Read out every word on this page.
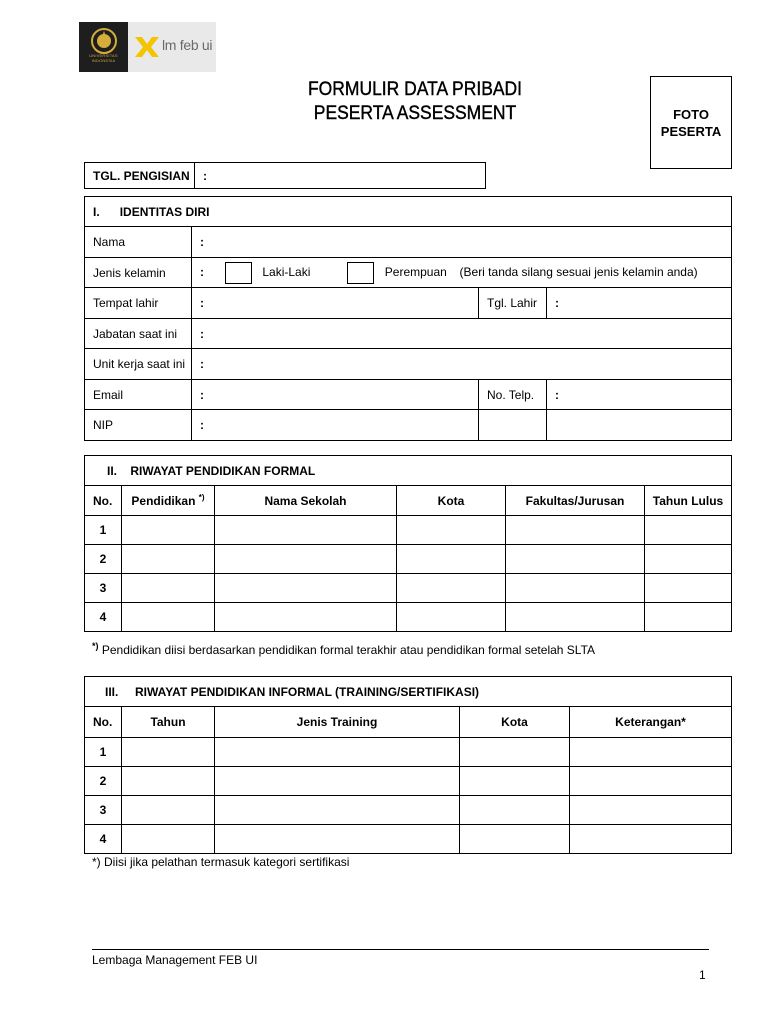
UNIVERSITAS INDONESIA
lm feb ui
FORMULIR DATA PRIBADI
PESERTA ASSESSMENT	FOTO
PESERTA
TGL. PENGISIAN	:
I. IDENTITAS DIRI			
Nama	:		
Jenis kelamin	: Laki-Laki Perempuan (Beri tanda silang sesuai jenis kelamin anda)		
Tempat lahir	:	Tgl. Lahir	:
Jabatan saat ini	:		
Unit kerja saat ini	:		
Email	:	No. Telp.	:
NIP	:		
II. RIWAYAT PENDIDIKAN FORMAL					
No.	Pendidikan *)	Nama Sekolah	Kota	Fakultas/Jurusan	Tahun Lulus
1					
2					
3					
4					
*) Pendidikan diisi berdasarkan pendidikan formal terakhir atau pendidikan formal setelah SLTA
III. RIWAYAT PENDIDIKAN INFORMAL (TRAINING/SERTIFIKASI)				
No.	Tahun	Jenis Training	Kota	Keterangan*
1				
2				
3				
4				
*) Diisi jika pelathan termasuk kategori sertifikasi
Lembaga Management FEB UI
1
